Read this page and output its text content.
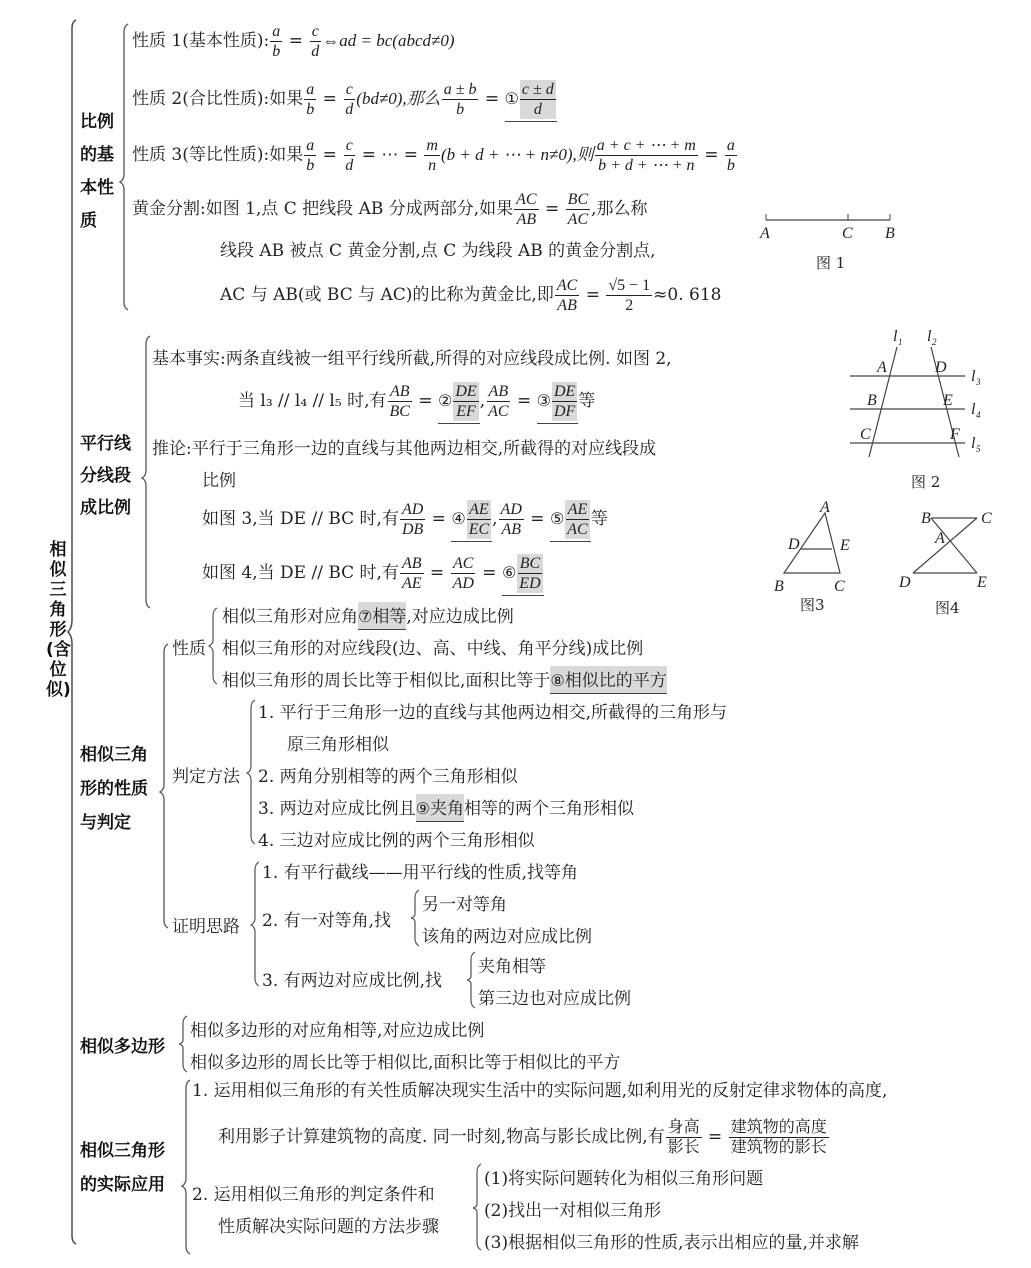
相似三角形(含位似)
比例的基本性质
性质 1(基本性质): $\frac{a}{b} = \frac{c}{d}$ ⇔ad = bc(abcd≠0)
性质 2(合比性质):如果 $\frac{a}{b} = \frac{c}{d} (bd\ne 0)$,那么 $\frac{a \pm b}{b}$ = ① $\frac{c \pm d}{d}$
性质 3(等比性质):如果 $\frac{a}{b} = \frac{c}{d}$ = ⋯ = $\frac{m}{n} (b + d$ + ⋯ + n≠0),则 $\frac{a + c + \cdots + m}{b + d + \cdots + n} = \frac{a}{b}$
黄金分割:如图 1,点 C 把线段 AB 分成两部分,如果 $\frac{AC}{AB} = \frac{BC}{AC}$ ,那么称
线段 AB 被点 C 黄金分割,点 C 为线段 AB 的黄金分割点,
AC 与 AB(或 BC 与 AC)的比称为黄金比,即 $\frac{AC}{AB} = \frac{√5 - 1}{2} \approx 0$. 618
A	C B
图 1
平行线分线段成比例
基本事实:两条直线被一组平行线所截,所得的对应线段成比例. 如图 2,
当 l₃ // l₄ // l₅ 时,有 $\frac{AB}{BC}$ = ② $\frac{DE}{EF}$ , $\frac{AB}{AC}$ = ③ $\frac{DE}{DF}$ 等
推论:平行于三角形一边的直线与其他两边相交,所截得的对应线段成
比例
如图 3,当 DE // BC 时,有 $\frac{AD}{DB}$ = ④ $\frac{AE}{EC}$ , $\frac{AD}{AB}$ = ⑤ $\frac{AE}{AC}$ 等
如图 4,当 DE // BC 时,有 $\frac{AB}{AE} = \frac{AC}{AD}$ = ⑥ $\frac{BC}{ED}$
l 1 l 2
A	D
B	E
C	F
l 3
l 4
l 5
图 2
A
D	E
B	C
图3
B	C
A
D	E
图4
相似三角形的性质与判定
性质
相似三角形对应角⑦相等,对应边成比例
相似三角形的对应线段(边、高、中线、角平分线)成比例
相似三角形的周长比等于相似比,面积比等于⑧相似比的平方
判定方法
1. 平行于三角形一边的直线与其他两边相交,所截得的三角形与
原三角形相似
2. 两角分别相等的两个三角形相似
3. 两边对应成比例且⑨夹角相等的两个三角形相似
4. 三边对应成比例的两个三角形相似
证明思路
1. 有平行截线——用平行线的性质,找等角
2. 有一对等角,找
另一对等角
该角的两边对应成比例
3. 有两边对应成比例,找
夹角相等
第三边也对应成比例
相似多边形
相似多边形的对应角相等,对应边成比例
相似多边形的周长比等于相似比,面积比等于相似比的平方
相似三角形的实际应用
1. 运用相似三角形的有关性质解决现实生活中的实际问题,如利用光的反射定律求物体的高度,
利用影子计算建筑物的高度. 同一时刻,物高与影长成比例,有 $\frac{\text{身高}}{\text{影长}} = \frac{\text{建筑物的高度}}{\text{建筑物的影长}}$
2. 运用相似三角形的判定条件和
性质解决实际问题的方法步骤
(1)将实际问题转化为相似三角形问题
(2)找出一对相似三角形
(3)根据相似三角形的性质,表示出相应的量,并求解
